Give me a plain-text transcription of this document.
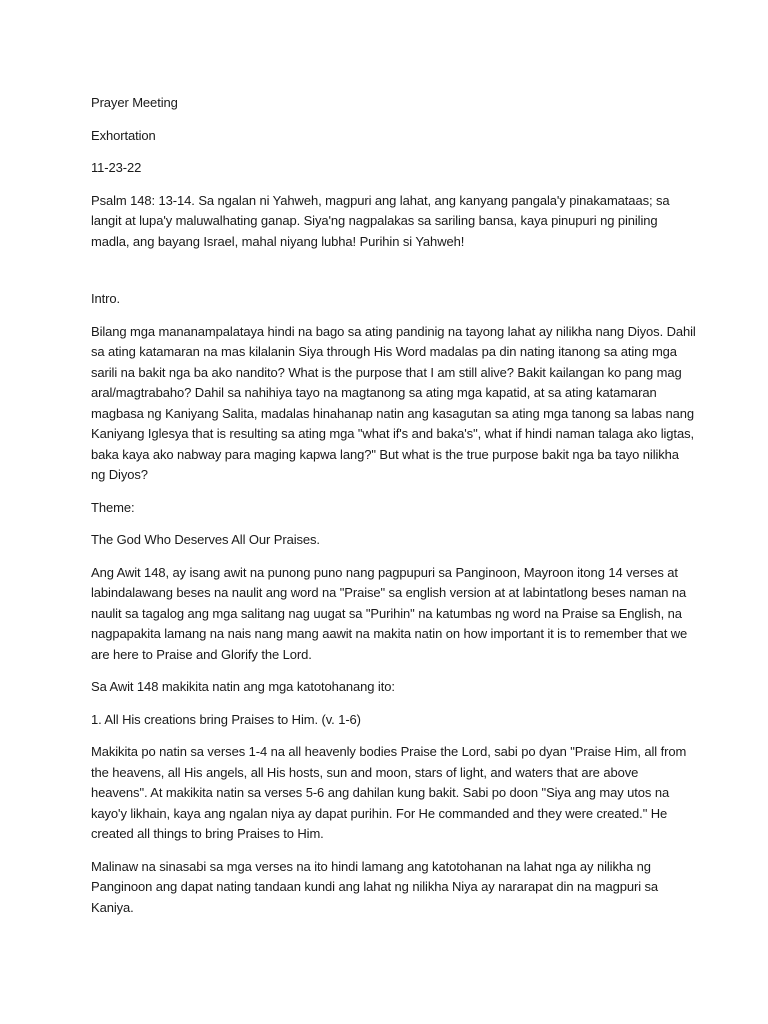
Prayer Meeting

Exhortation

11-23-22

Psalm 148: 13-14. Sa ngalan ni Yahweh, magpuri ang lahat, ang kanyang pangala'y pinakamataas; sa langit at lupa'y maluwalhating ganap. Siya'ng nagpalakas sa sariling bansa, kaya pinupuri ng piniling madla, ang bayang Israel, mahal niyang lubha! Purihin si Yahweh!

Intro.

Bilang mga mananampalataya hindi na bago sa ating pandinig na tayong lahat ay nilikha nang Diyos. Dahil sa ating katamaran na mas kilalanin Siya through His Word madalas pa din nating itanong sa ating mga sarili na bakit nga ba ako nandito? What is the purpose that I am still alive? Bakit kailangan ko pang mag aral/magtrabaho? Dahil sa nahihiya tayo na magtanong sa ating mga kapatid, at sa ating katamaran magbasa ng Kaniyang Salita, madalas hinahanap natin ang kasagutan sa ating mga tanong sa labas nang Kaniyang Iglesya that is resulting sa ating mga "what if's and baka's", what if hindi naman talaga ako ligtas, baka kaya ako nabway para maging kapwa lang?" But what is the true purpose bakit nga ba tayo nilikha ng Diyos?

Theme:

The God Who Deserves All Our Praises.

Ang Awit 148, ay isang awit na punong puno nang pagpupuri sa Panginoon, Mayroon itong 14 verses at labindalawang beses na naulit ang word na "Praise" sa english version at at labintatlong beses naman na naulit sa tagalog ang mga salitang nag uugat sa "Purihin" na katumbas ng word na Praise sa English, na nagpapakita lamang na nais nang mang aawit na makita natin on how important it is to remember that we are here to Praise and Glorify the Lord.

Sa Awit 148 makikita natin ang mga katotohanang ito:

1. All His creations bring Praises to Him. (v. 1-6)

Makikita po natin sa verses 1-4 na all heavenly bodies Praise the Lord, sabi po dyan "Praise Him, all from the heavens, all His angels, all His hosts, sun and moon, stars of light, and waters that are above heavens". At makikita natin sa verses 5-6 ang dahilan kung bakit. Sabi po doon "Siya ang may utos na kayo'y likhain, kaya ang ngalan niya ay dapat purihin. For He commanded and they were created." He created all things to bring Praises to Him.

Malinaw na sinasabi sa mga verses na ito hindi lamang ang katotohanan na lahat nga ay nilikha ng Panginoon ang dapat nating tandaan kundi ang lahat ng nilikha Niya ay nararapat din na magpuri sa Kaniya.
